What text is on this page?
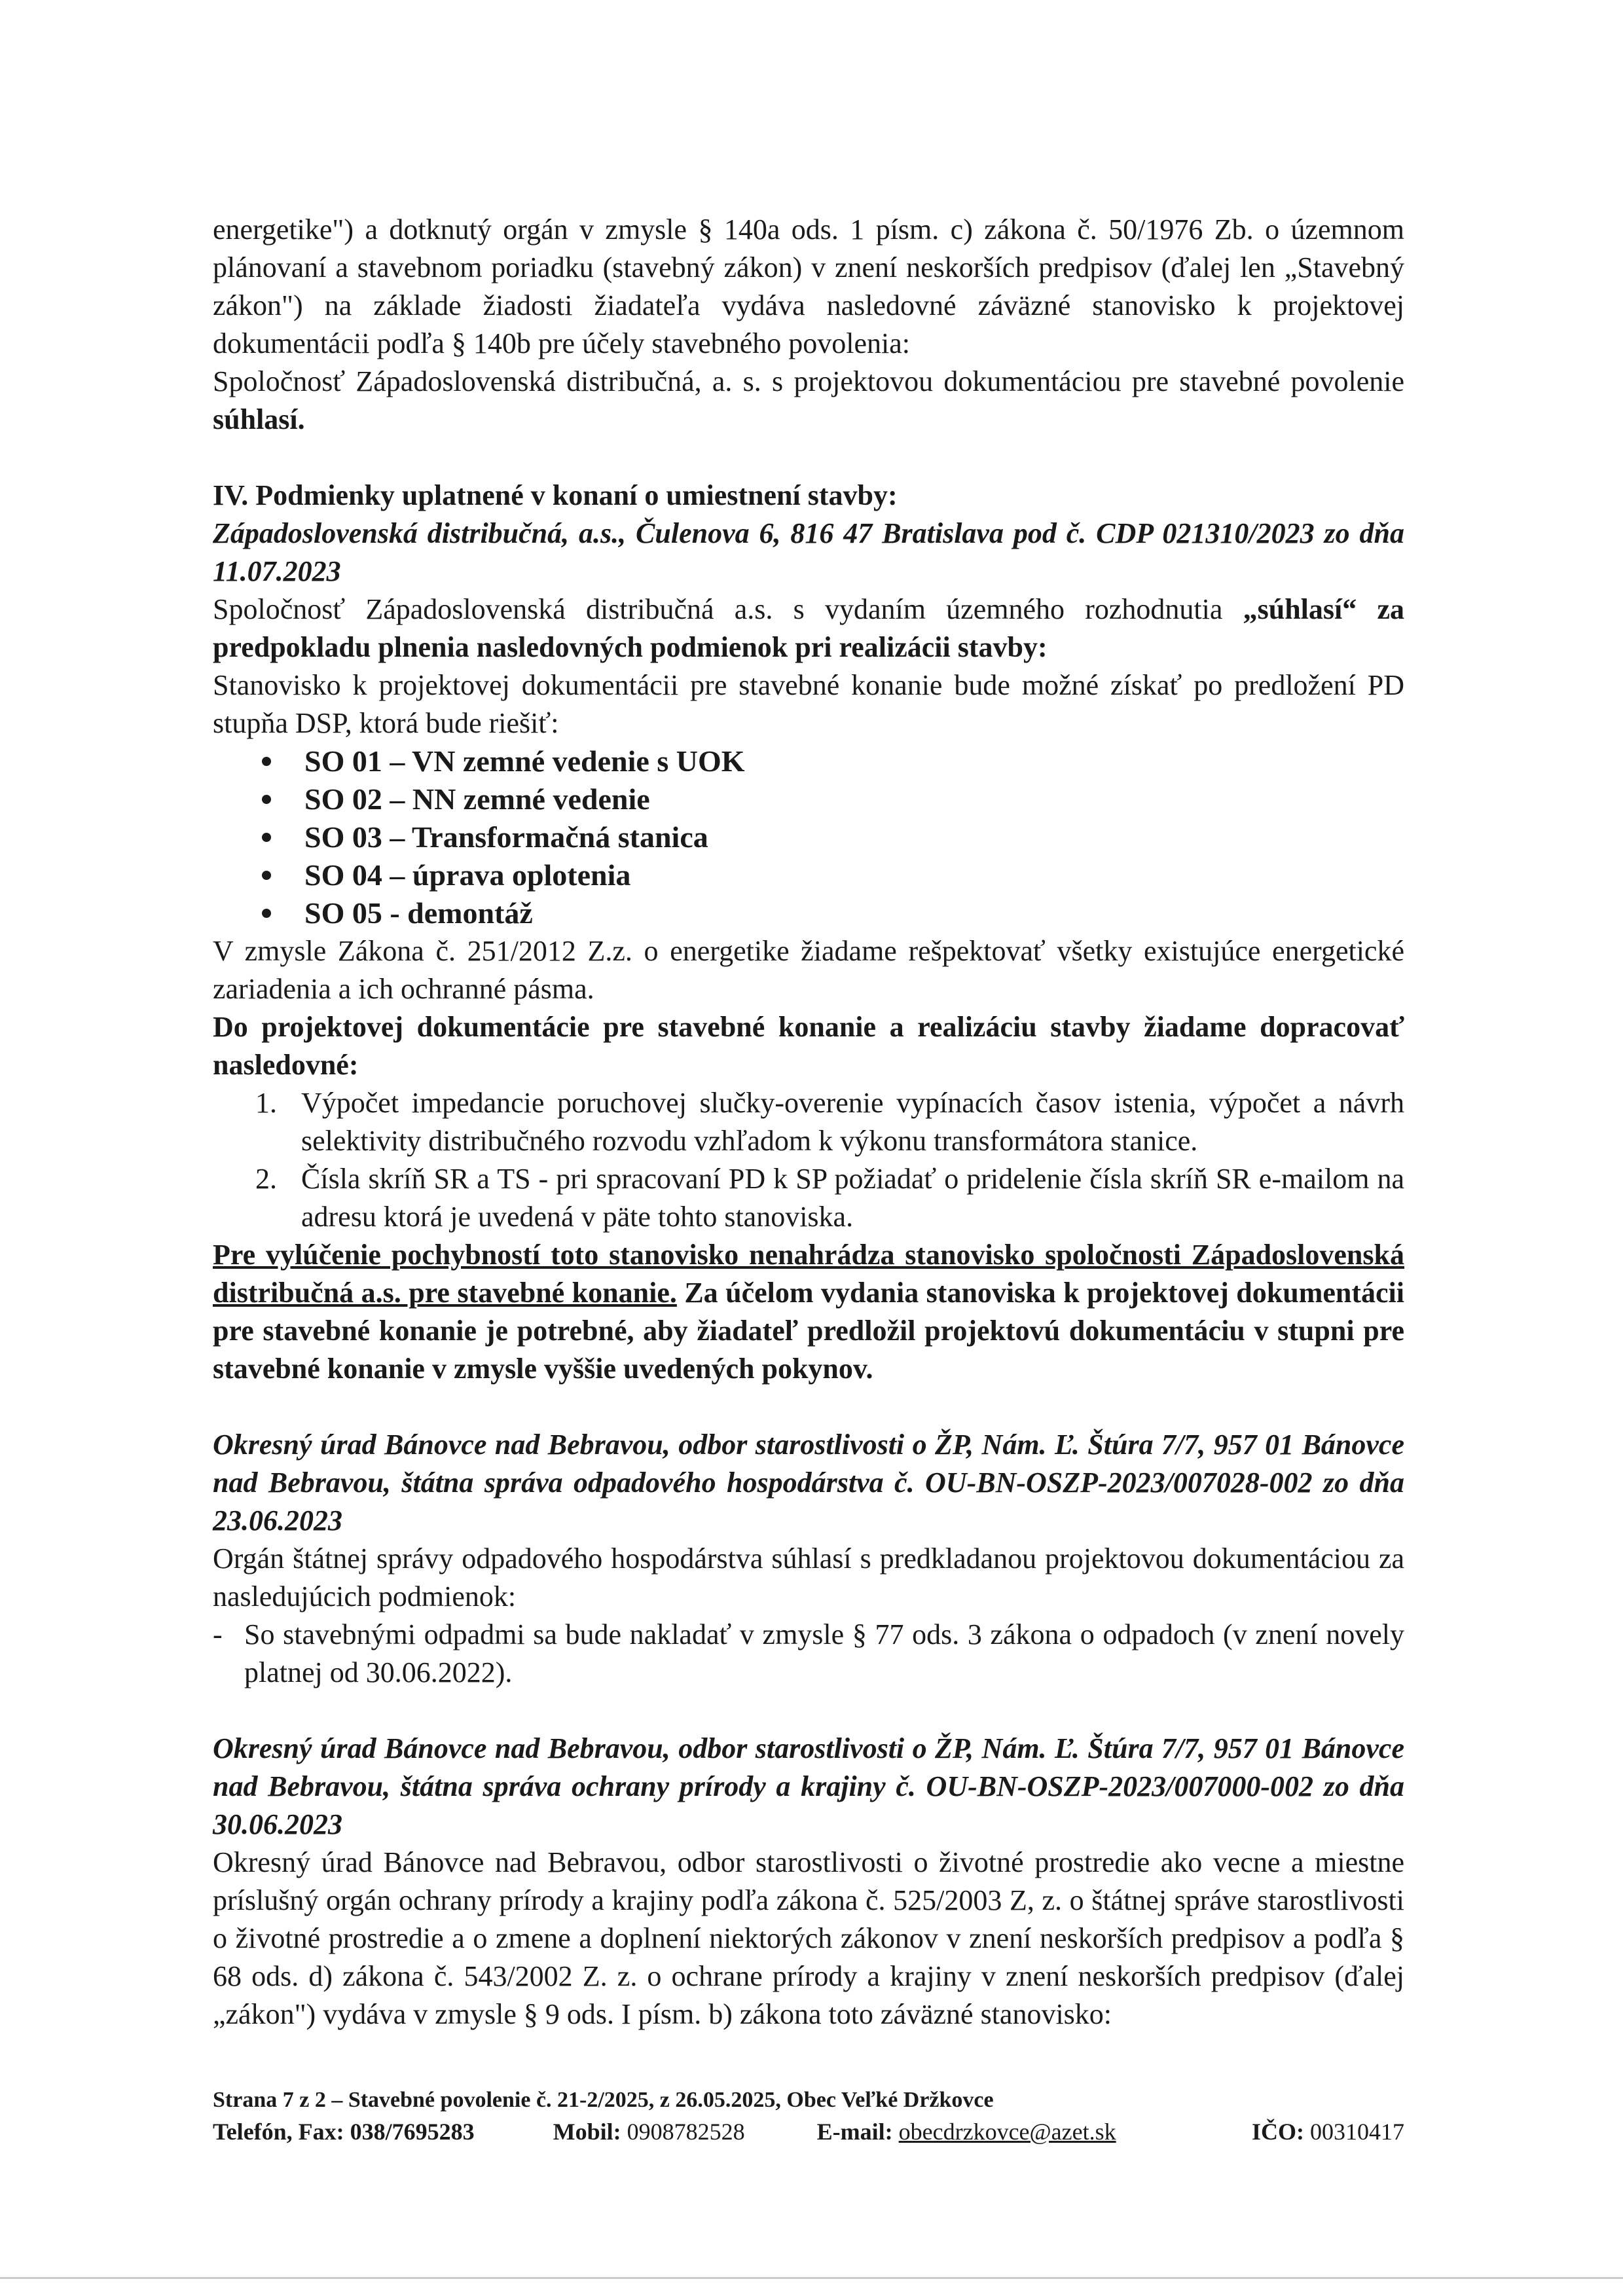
energetike") a dotknutý orgán v zmysle § 140a ods. 1 písm. c) zákona č. 50/1976 Zb. o územnom plánovaní a stavebnom poriadku (stavebný zákon) v znení neskorších predpisov (ďalej len „Stavebný zákon") na základe žiadosti žiadateľa vydáva nasledovné záväzné stanovisko k projektovej dokumentácii podľa § 140b pre účely stavebného povolenia:

Spoločnosť Západoslovenská distribučná, a. s. s projektovou dokumentáciou pre stavebné povolenie súhlasí.

IV. Podmienky uplatnené v konaní o umiestnení stavby:

Západoslovenská distribučná, a.s., Čulenova 6, 816 47 Bratislava pod č. CDP 021310/2023 zo dňa 11.07.2023

Spoločnosť Západoslovenská distribučná a.s. s vydaním územného rozhodnutia „súhlasí“ za predpokladu plnenia nasledovných podmienok pri realizácii stavby:

Stanovisko k projektovej dokumentácii pre stavebné konanie bude možné získať po predložení PD stupňa DSP, ktorá bude riešiť:

SO 01 – VN zemné vedenie s UOK
SO 02 – NN zemné vedenie
SO 03 – Transformačná stanica
SO 04 – úprava oplotenia
SO 05 - demontáž

V zmysle Zákona č. 251/2012 Z.z. o energetike žiadame rešpektovať všetky existujúce energetické zariadenia a ich ochranné pásma.

Do projektovej dokumentácie pre stavebné konanie a realizáciu stavby žiadame dopracovať nasledovné:

1. Výpočet impedancie poruchovej slučky-overenie vypínacích časov istenia, výpočet a návrh selektivity distribučného rozvodu vzhľadom k výkonu transformátora stanice.
2. Čísla skríň SR a TS - pri spracovaní PD k SP požiadať o pridelenie čísla skríň SR e-mailom na adresu ktorá je uvedená v päte tohto stanoviska.

Pre vylúčenie pochybností toto stanovisko nenahrádza stanovisko spoločnosti Západoslovenská distribučná a.s. pre stavebné konanie. Za účelom vydania stanoviska k projektovej dokumentácii pre stavebné konanie je potrebné, aby žiadateľ predložil projektovú dokumentáciu v stupni pre stavebné konanie v zmysle vyššie uvedených pokynov.

Okresný úrad Bánovce nad Bebravou, odbor starostlivosti o ŽP, Nám. Ľ. Štúra 7/7, 957 01 Bánovce nad Bebravou, štátna správa odpadového hospodárstva č. OU-BN-OSZP-2023/007028-002 zo dňa 23.06.2023

Orgán štátnej správy odpadového hospodárstva súhlasí s predkladanou projektovou dokumentáciou za nasledujúcich podmienok:

- So stavebnými odpadmi sa bude nakladať v zmysle § 77 ods. 3 zákona o odpadoch (v znení novely platnej od 30.06.2022).

Okresný úrad Bánovce nad Bebravou, odbor starostlivosti o ŽP, Nám. Ľ. Štúra 7/7, 957 01 Bánovce nad Bebravou, štátna správa ochrany prírody a krajiny č. OU-BN-OSZP-2023/007000-002 zo dňa 30.06.2023

Okresný úrad Bánovce nad Bebravou, odbor starostlivosti o životné prostredie ako vecne a miestne príslušný orgán ochrany prírody a krajiny podľa zákona č. 525/2003 Z, z. o štátnej správe starostlivosti o životné prostredie a o zmene a doplnení niektorých zákonov v znení neskorších predpisov a podľa § 68 ods. d) zákona č. 543/2002 Z. z. o ochrane prírody a krajiny v znení neskorších predpisov (ďalej „zákon") vydáva v zmysle § 9 ods. I písm. b) zákona toto záväzné stanovisko:

Strana 7 z 2 – Stavebné povolenie č. 21-2/2025, z 26.05.2025, Obec Veľké Držkovce
Telefón, Fax: 038/7695283	Mobil: 0908782528	E-mail: obecdrzkovce@azet.sk	IČO: 00310417
